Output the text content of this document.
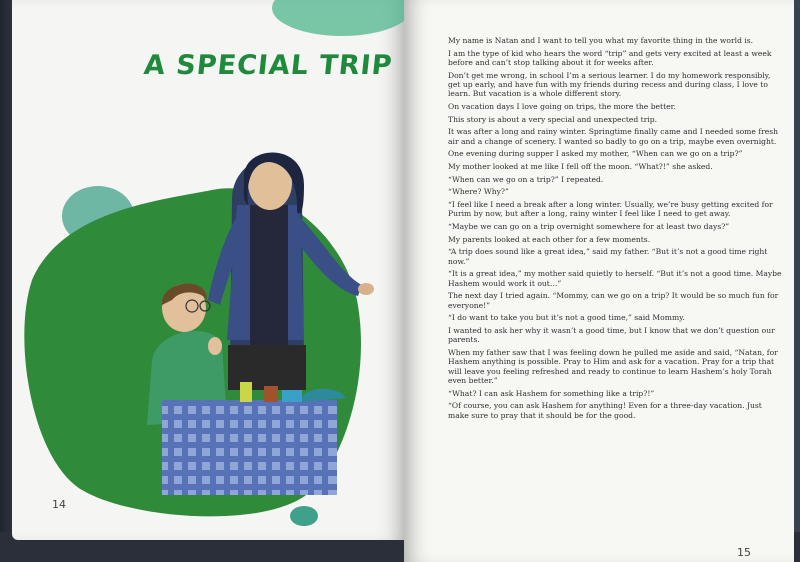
A SPECIAL TRIP
14

My name is Natan and I want to tell you what my favorite thing in the world is.

I am the type of kid who hears the word “trip” and gets very excited at least a week before and can’t stop talking about it for weeks after.

Don’t get me wrong, in school I’m a serious learner. I do my homework responsibly, get up early, and have fun with my friends during recess and during class, I love to learn. But vacation is a whole different story.

On vacation days I love going on trips, the more the better.

This story is about a very special and unexpected trip.

It was after a long and rainy winter. Springtime finally came and I needed some fresh air and a change of scenery. I wanted so badly to go on a trip, maybe even overnight.

One evening during supper I asked my mother, “When can we go on a trip?”

My mother looked at me like I fell off the moon. “What?!” she asked.

“When can we go on a trip?” I repeated.

“Where? Why?”

“I feel like I need a break after a long winter. Usually, we’re busy getting excited for Purim by now, but after a long, rainy winter I feel like I need to get away.

“Maybe we can go on a trip overnight somewhere for at least two days?”

My parents looked at each other for a few moments.

“A trip does sound like a great idea,” said my father. “But it’s not a good time right now.”

“It is a great idea,” my mother said quietly to herself. “But it’s not a good time. Maybe Hashem would work it out…”

The next day I tried again. “Mommy, can we go on a trip? It would be so much fun for everyone!”

“I do want to take you but it’s not a good time,” said Mommy.

I wanted to ask her why it wasn’t a good time, but I know that we don’t question our parents.

When my father saw that I was feeling down he pulled me aside and said, “Natan, for Hashem anything is possible. Pray to Him and ask for a vacation. Pray for a trip that will leave you feeling refreshed and ready to continue to learn Hashem’s holy Torah even better.”

“What? I can ask Hashem for something like a trip?!”

“Of course, you can ask Hashem for anything! Even for a three-day vacation. Just make sure to pray that it should be for the good.

15
